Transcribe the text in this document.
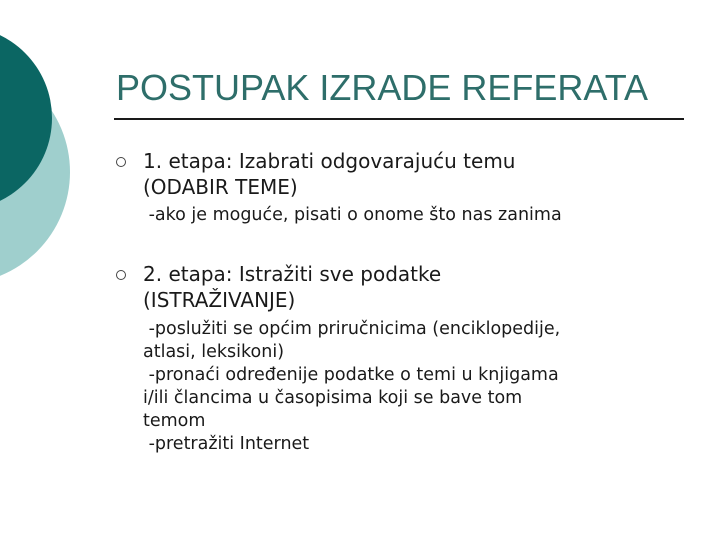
POSTUPAK IZRADE REFERATA
1. etapa: Izabrati odgovarajuću temu
(ODABIR TEME)
-ako je moguće, pisati o onome što nas zanima
2. etapa: Istražiti sve podatke
(ISTRAŽIVANJE)
-poslužiti se općim priručnicima (enciklopedije,
atlasi, leksikoni)
-pronaći određenije podatke o temi u knjigama
i/ili člancima u časopisima koji se bave tom
temom
-pretražiti Internet
